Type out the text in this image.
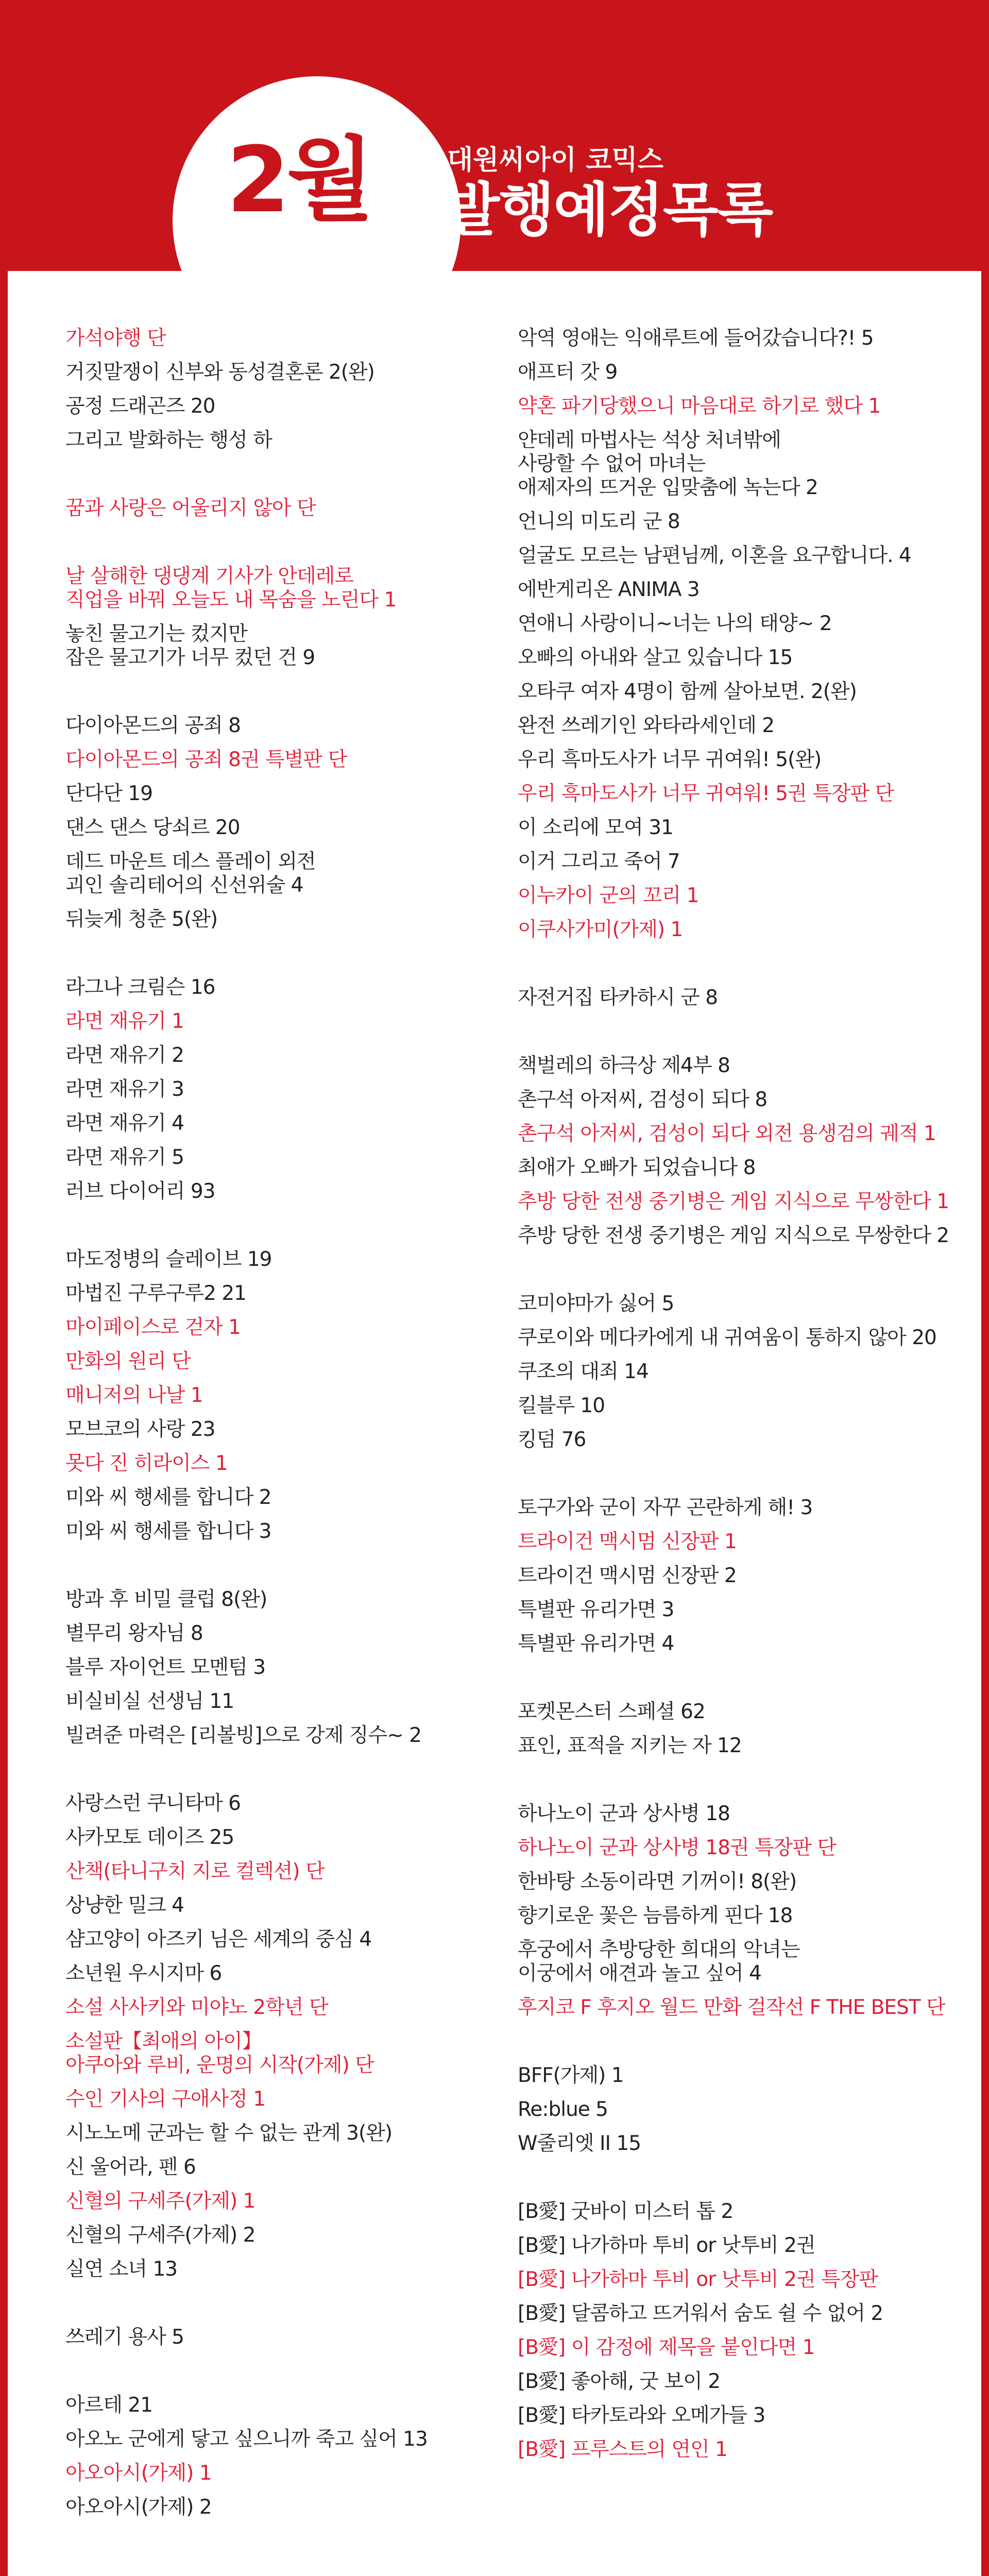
2월	대원씨아이 코믹스
발행예정목록
가석야행 단
거짓말쟁이 신부와 동성결혼론 2(완)
공정 드래곤즈 20
그리고 발화하는 행성 하
꿈과 사랑은 어울리지 않아 단
날 살해한 댕댕계 기사가 안데레로
직업을 바꿔 오늘도 내 목숨을 노린다 1
놓친 물고기는 컸지만
잡은 물고기가 너무 컸던 건 9
다이아몬드의 공죄 8
다이아몬드의 공죄 8권 특별판 단
단다단 19
댄스 댄스 당쇠르 20
데드 마운트 데스 플레이 외전
괴인 솔리테어의 신선위술 4
뒤늦게 청춘 5(완)
라그나 크림슨 16
라면 재유기 1
라면 재유기 2
라면 재유기 3
라면 재유기 4
라면 재유기 5
러브 다이어리 93
마도정병의 슬레이브 19
마법진 구루구루2 21
마이페이스로 걷자 1
만화의 원리 단
매니저의 나날 1
모브코의 사랑 23
못다 진 히라이스 1
미와 씨 행세를 합니다 2
미와 씨 행세를 합니다 3
방과 후 비밀 클럽 8(완)
별무리 왕자님 8
블루 자이언트 모멘텀 3
비실비실 선생님 11
빌려준 마력은 [리볼빙]으로 강제 징수~ 2
사랑스런 쿠니타마 6
사카모토 데이즈 25
산책(타니구치 지로 컬렉션) 단
상냥한 밀크 4
샴고양이 아즈키 님은 세계의 중심 4
소년원 우시지마 6
소설 사사키와 미야노 2학년 단
소설판【최애의 아이】
아쿠아와 루비, 운명의 시작(가제) 단
수인 기사의 구애사정 1
시노노메 군과는 할 수 없는 관계 3(완)
신 울어라, 펜 6
신혈의 구세주(가제) 1
신혈의 구세주(가제) 2
실연 소녀 13
쓰레기 용사 5
아르테 21
아오노 군에게 닿고 싶으니까 죽고 싶어 13
아오아시(가제) 1
아오아시(가제) 2
악역 영애는 익애루트에 들어갔습니다?! 5
애프터 갓 9
약혼 파기당했으니 마음대로 하기로 했다 1
얀데레 마법사는 석상 처녀밖에
사랑할 수 없어 마녀는
애제자의 뜨거운 입맞춤에 녹는다 2
언니의 미도리 군 8
얼굴도 모르는 남편님께, 이혼을 요구합니다. 4
에반게리온 ANIMA 3
연애니 사랑이니~너는 나의 태양~ 2
오빠의 아내와 살고 있습니다 15
오타쿠 여자 4명이 함께 살아보면. 2(완)
완전 쓰레기인 와타라세인데 2
우리 흑마도사가 너무 귀여워! 5(완)
우리 흑마도사가 너무 귀여워! 5권 특장판 단
이 소리에 모여 31
이거 그리고 죽어 7
이누카이 군의 꼬리 1
이쿠사가미(가제) 1
자전거집 타카하시 군 8
책벌레의 하극상 제4부 8
촌구석 아저씨, 검성이 되다 8
촌구석 아저씨, 검성이 되다 외전 용생검의 궤적 1
최애가 오빠가 되었습니다 8
추방 당한 전생 중기병은 게임 지식으로 무쌍한다 1
추방 당한 전생 중기병은 게임 지식으로 무쌍한다 2
코미야마가 싫어 5
쿠로이와 메다카에게 내 귀여움이 통하지 않아 20
쿠조의 대죄 14
킬블루 10
킹덤 76
토구가와 군이 자꾸 곤란하게 해! 3
트라이건 맥시멈 신장판 1
트라이건 맥시멈 신장판 2
특별판 유리가면 3
특별판 유리가면 4
포켓몬스터 스페셜 62
표인, 표적을 지키는 자 12
하나노이 군과 상사병 18
하나노이 군과 상사병 18권 특장판 단
한바탕 소동이라면 기꺼이! 8(완)
향기로운 꽃은 늠름하게 핀다 18
후궁에서 추방당한 희대의 악녀는
이궁에서 애견과 놀고 싶어 4
후지코 F 후지오 월드 만화 걸작선 F THE BEST 단
BFF(가제) 1
Re:blue 5
W줄리엣 II 15
[B愛] 굿바이 미스터 톱 2
[B愛] 나가하마 투비 or 낫투비 2권
[B愛] 나가하마 투비 or 낫투비 2권 특장판
[B愛] 달콤하고 뜨거워서 숨도 쉴 수 없어 2
[B愛] 이 감정에 제목을 붙인다면 1
[B愛] 좋아해, 굿 보이 2
[B愛] 타카토라와 오메가들 3
[B愛] 프루스트의 연인 1
